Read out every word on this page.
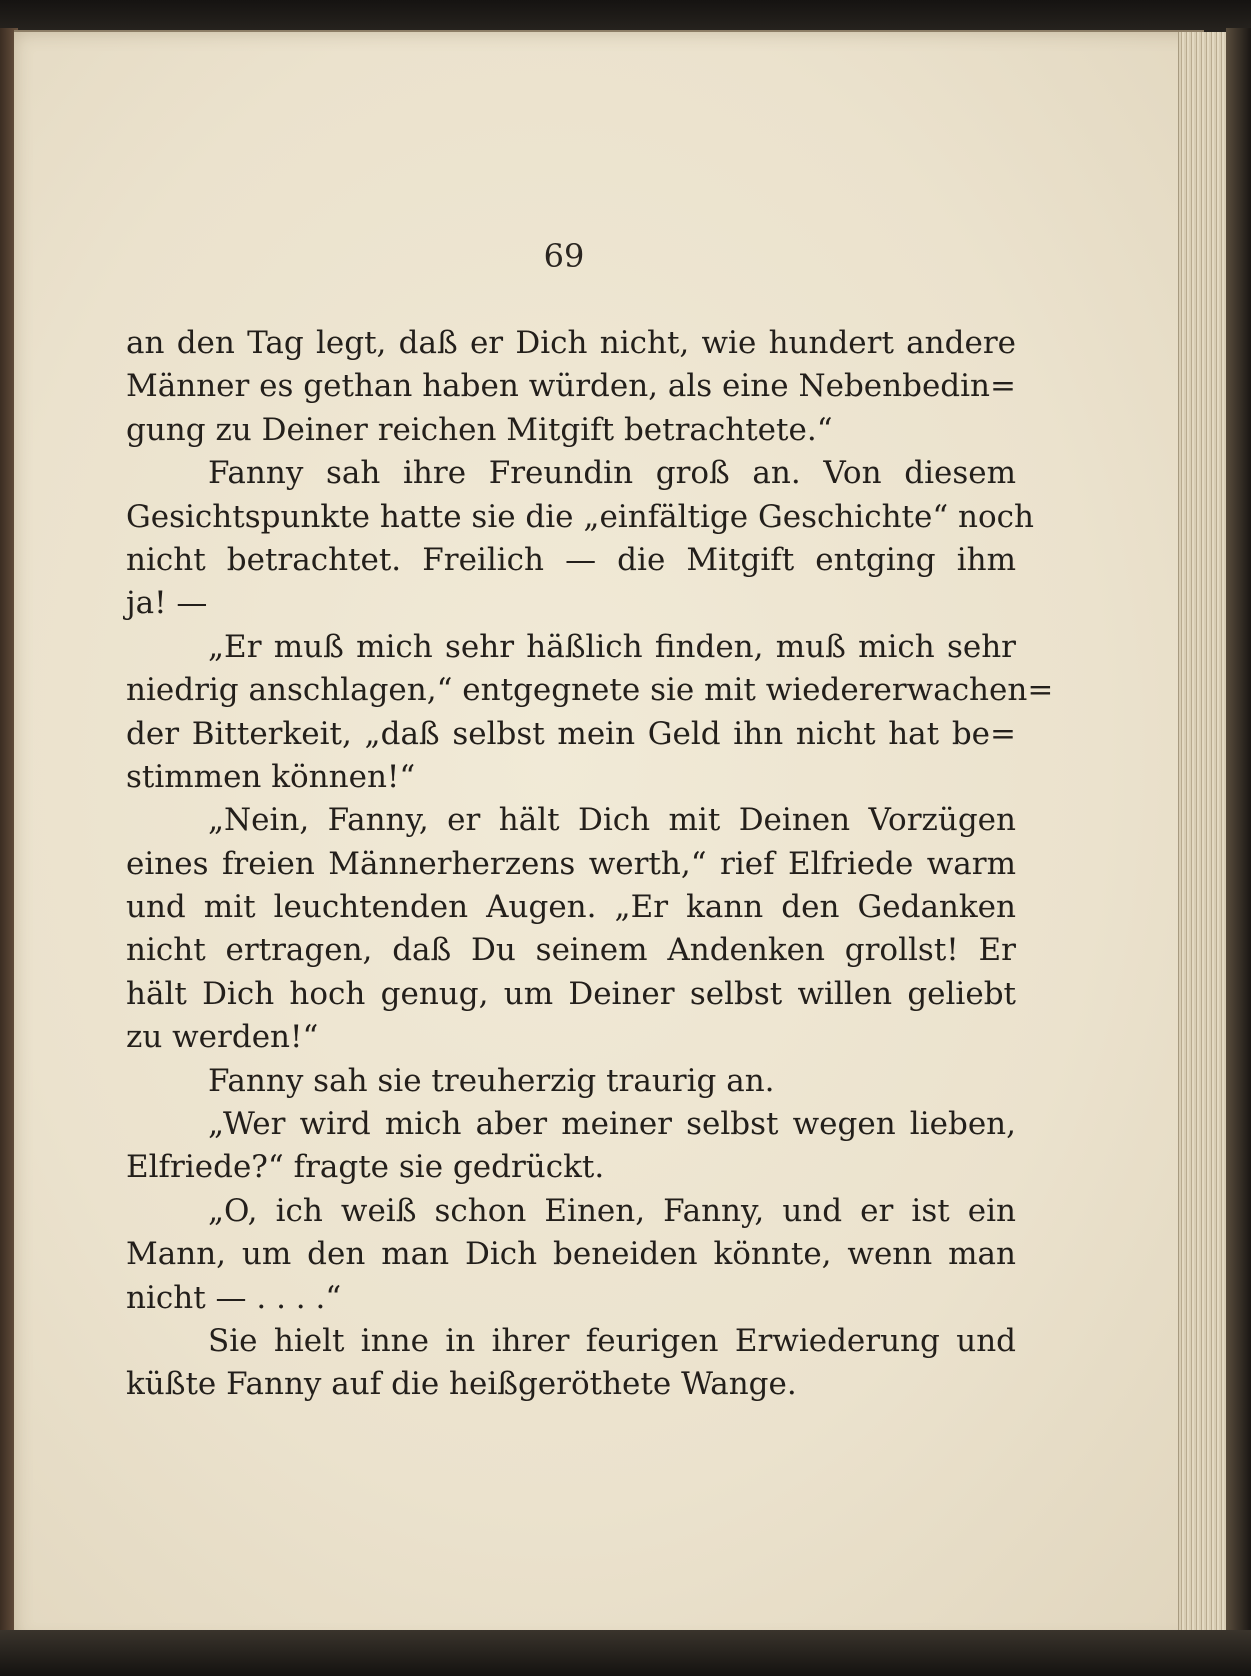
69
an den Tag legt, daß er Dich nicht, wie hundert andere
Männer es gethan haben würden, als eine Nebenbedin=
gung zu Deiner reichen Mitgift betrachtete.“
Fanny sah ihre Freundin groß an. Von diesem
Gesichtspunkte hatte sie die „einfältige Geschichte“ noch
nicht betrachtet. Freilich — die Mitgift entging ihm
ja! —
„Er muß mich sehr häßlich finden, muß mich sehr
niedrig anschlagen,“ entgegnete sie mit wiedererwachen=
der Bitterkeit, „daß selbst mein Geld ihn nicht hat be=
stimmen können!“
„Nein, Fanny, er hält Dich mit Deinen Vorzügen
eines freien Männerherzens werth,“ rief Elfriede warm
und mit leuchtenden Augen. „Er kann den Gedanken
nicht ertragen, daß Du seinem Andenken grollst! Er
hält Dich hoch genug, um Deiner selbst willen geliebt
zu werden!“
Fanny sah sie treuherzig traurig an.
„Wer wird mich aber meiner selbst wegen lieben,
Elfriede?“ fragte sie gedrückt.
„O, ich weiß schon Einen, Fanny, und er ist ein
Mann, um den man Dich beneiden könnte, wenn man
nicht — . . . .“
Sie hielt inne in ihrer feurigen Erwiederung und
küßte Fanny auf die heißgeröthete Wange.
